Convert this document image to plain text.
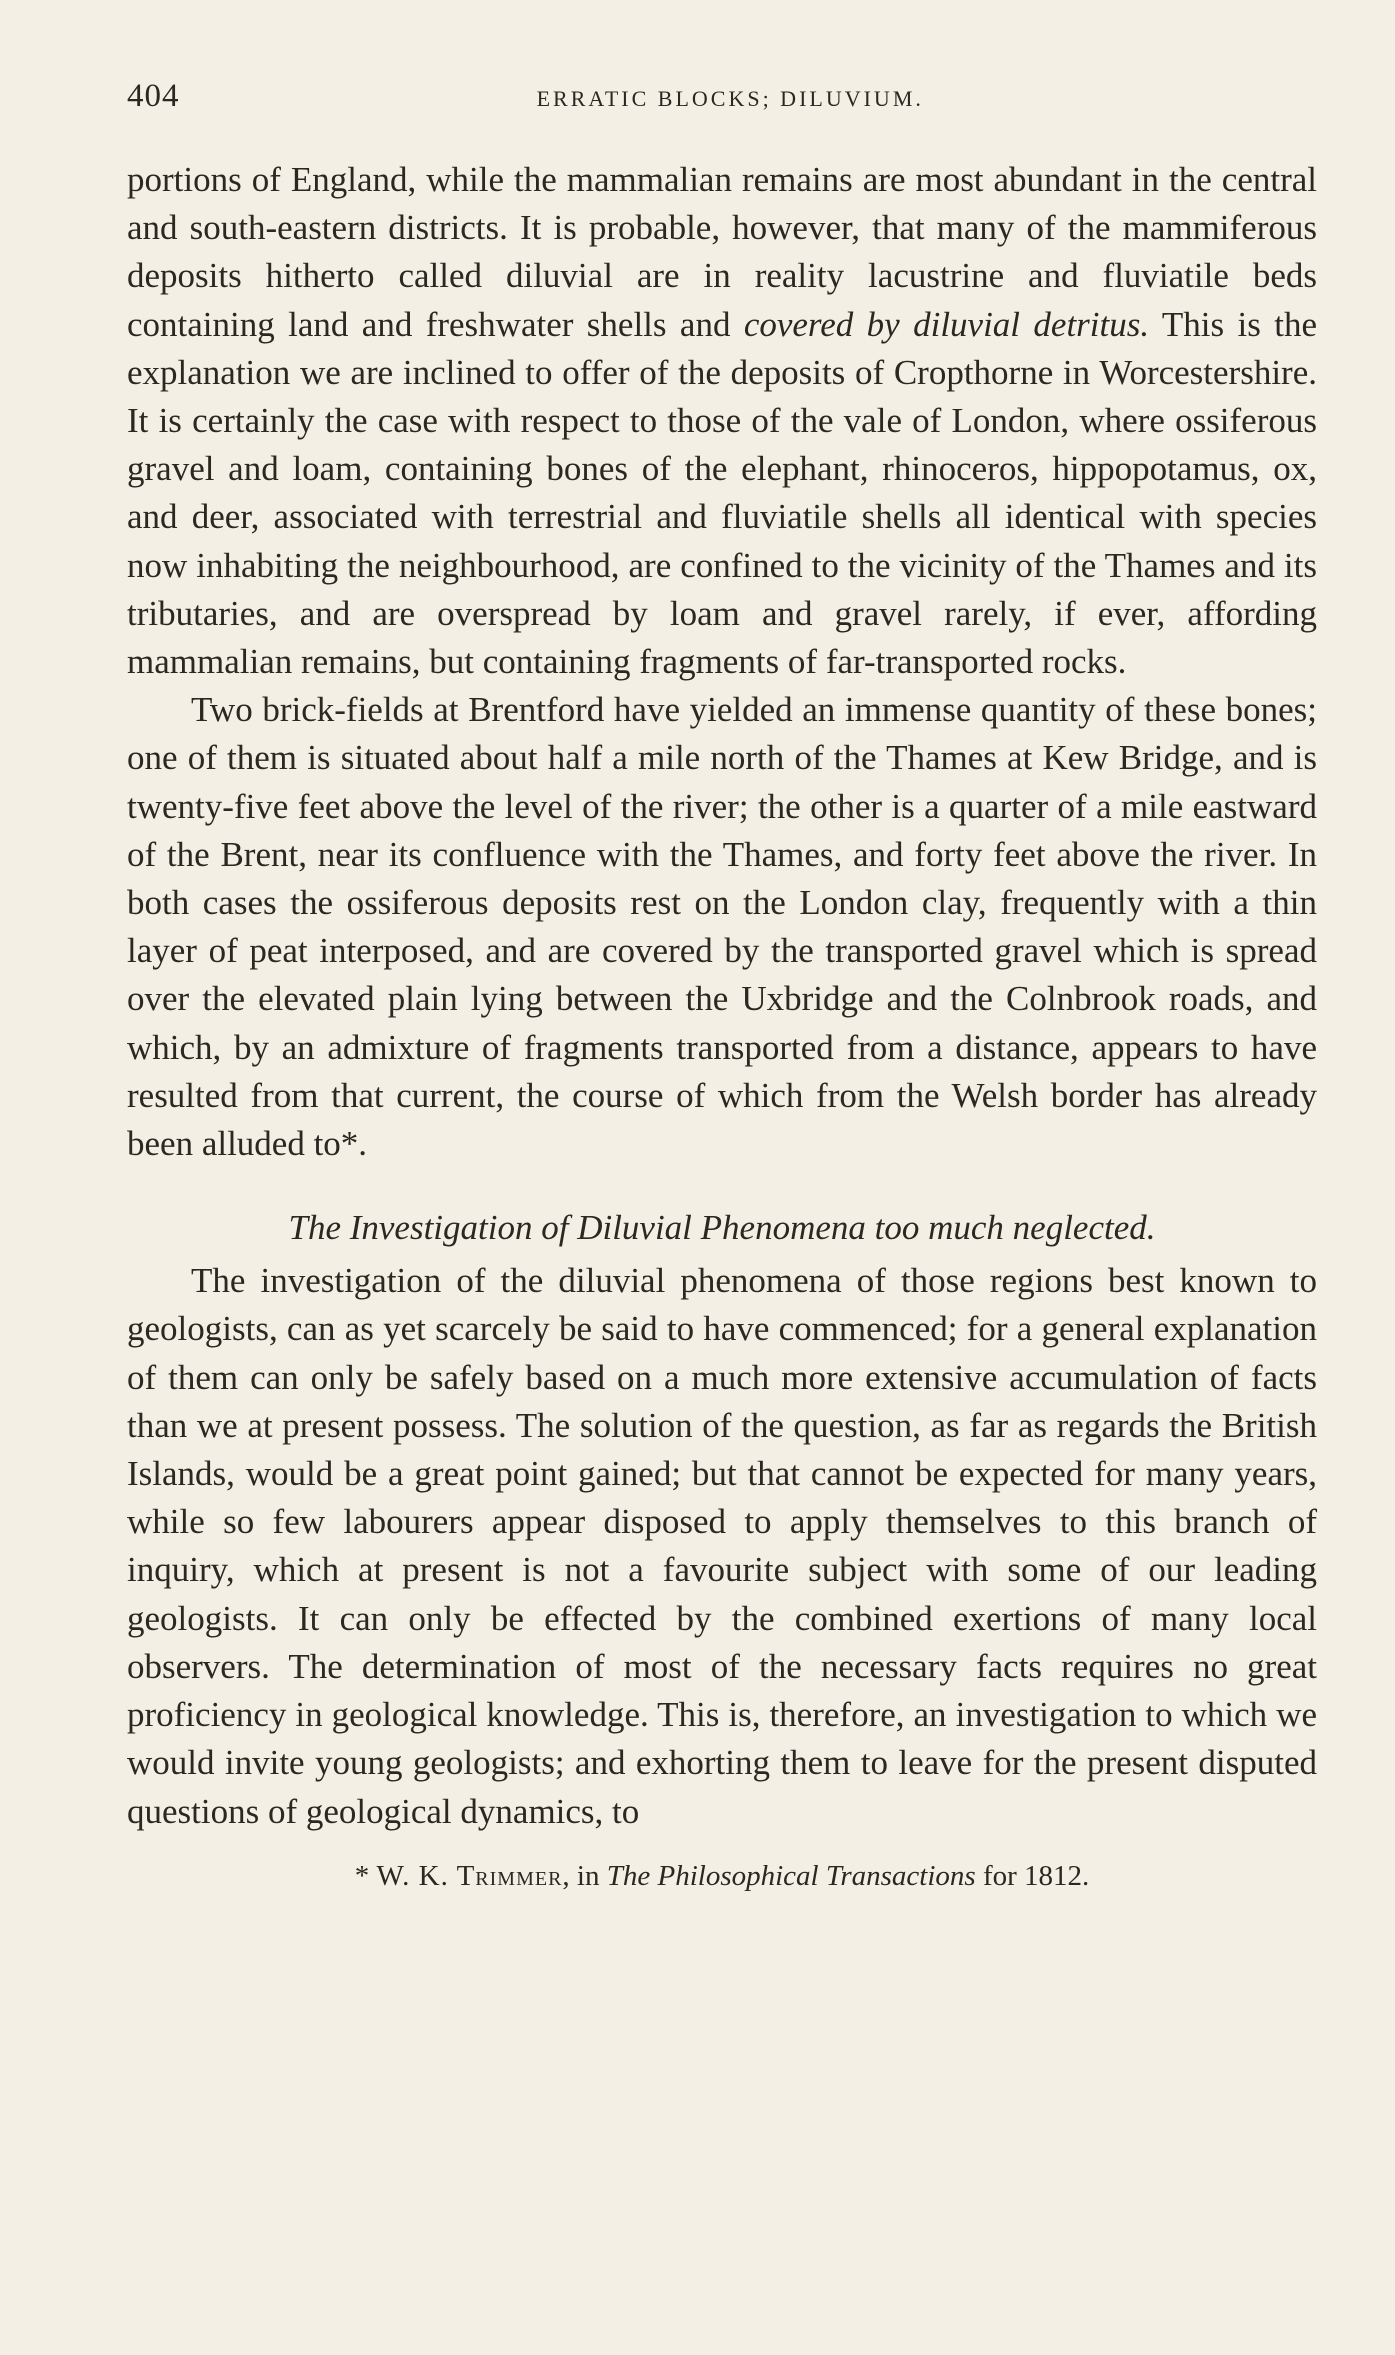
404	ERRATIC BLOCKS; DILUVIUM.

portions of England, while the mammalian remains are most abundant in the central and south-eastern districts. It is probable, however, that many of the mammiferous deposits hitherto called diluvial are in reality lacustrine and fluviatile beds containing land and freshwater shells and covered by diluvial detritus. This is the explanation we are inclined to offer of the deposits of Cropthorne in Worcestershire. It is certainly the case with respect to those of the vale of London, where ossiferous gravel and loam, containing bones of the elephant, rhinoceros, hippopotamus, ox, and deer, associated with terrestrial and fluviatile shells all identical with species now inhabiting the neighbourhood, are confined to the vicinity of the Thames and its tributaries, and are overspread by loam and gravel rarely, if ever, affording mammalian remains, but containing fragments of far-transported rocks.

Two brick-fields at Brentford have yielded an immense quantity of these bones; one of them is situated about half a mile north of the Thames at Kew Bridge, and is twenty-five feet above the level of the river; the other is a quarter of a mile eastward of the Brent, near its confluence with the Thames, and forty feet above the river. In both cases the ossiferous deposits rest on the London clay, frequently with a thin layer of peat interposed, and are covered by the transported gravel which is spread over the elevated plain lying between the Uxbridge and the Colnbrook roads, and which, by an admixture of fragments transported from a distance, appears to have resulted from that current, the course of which from the Welsh border has already been alluded to*.

The Investigation of Diluvial Phenomena too much neglected.

The investigation of the diluvial phenomena of those regions best known to geologists, can as yet scarcely be said to have commenced; for a general explanation of them can only be safely based on a much more extensive accumulation of facts than we at present possess. The solution of the question, as far as regards the British Islands, would be a great point gained; but that cannot be expected for many years, while so few labourers appear disposed to apply themselves to this branch of inquiry, which at present is not a favourite subject with some of our leading geologists. It can only be effected by the combined exertions of many local observers. The determination of most of the necessary facts requires no great proficiency in geological knowledge. This is, therefore, an investigation to which we would invite young geologists; and exhorting them to leave for the present disputed questions of geological dynamics, to

* W. K. Trimmer, in The Philosophical Transactions for 1812.
